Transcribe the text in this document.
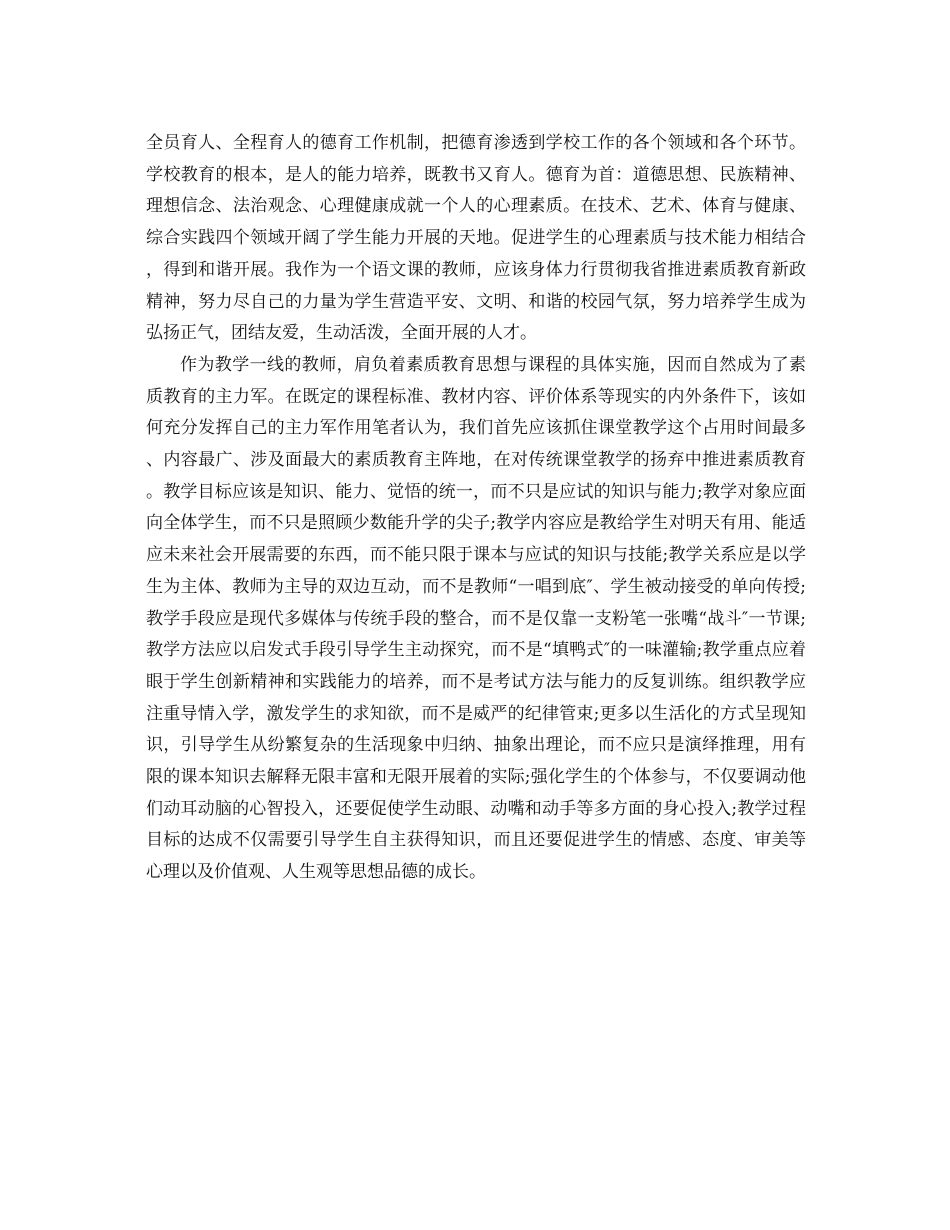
全员育人、全程育人的德育工作机制，把德育渗透到学校工作的各个领域和各个环节。学校教育的根本，是人的能力培养，既教书又育人。德育为首：道德思想、民族精神、理想信念、法治观念、心理健康成就一个人的心理素质。在技术、艺术、体育与健康、综合实践四个领域开阔了学生能力开展的天地。促进学生的心理素质与技术能力相结合，得到和谐开展。我作为一个语文课的教师，应该身体力行贯彻我省推进素质教育新政精神，努力尽自己的力量为学生营造平安、文明、和谐的校园气氛，努力培养学生成为弘扬正气，团结友爱，生动活泼，全面开展的人才。

作为教学一线的教师，肩负着素质教育思想与课程的具体实施，因而自然成为了素质教育的主力军。在既定的课程标准、教材内容、评价体系等现实的内外条件下，该如何充分发挥自己的主力军作用笔者认为，我们首先应该抓住课堂教学这个占用时间最多、内容最广、涉及面最大的素质教育主阵地，在对传统课堂教学的扬弃中推进素质教育。教学目标应该是知识、能力、觉悟的统一，而不只是应试的知识与能力;教学对象应面向全体学生，而不只是照顾少数能升学的尖子;教学内容应是教给学生对明天有用、能适应未来社会开展需要的东西，而不能只限于课本与应试的知识与技能;教学关系应是以学生为主体、教师为主导的双边互动，而不是教师“一唱到底″、学生被动接受的单向传授;教学手段应是现代多媒体与传统手段的整合，而不是仅靠一支粉笔一张嘴“战斗″一节课;教学方法应以启发式手段引导学生主动探究，而不是“填鸭式″的一味灌输;教学重点应着眼于学生创新精神和实践能力的培养，而不是考试方法与能力的反复训练。组织教学应注重导情入学，激发学生的求知欲，而不是威严的纪律管束;更多以生活化的方式呈现知识，引导学生从纷繁复杂的生活现象中归纳、抽象出理论，而不应只是演绎推理，用有限的课本知识去解释无限丰富和无限开展着的实际;强化学生的个体参与，不仅要调动他们动耳动脑的心智投入，还要促使学生动眼、动嘴和动手等多方面的身心投入;教学过程目标的达成不仅需要引导学生自主获得知识，而且还要促进学生的情感、态度、审美等心理以及价值观、人生观等思想品德的成长。
